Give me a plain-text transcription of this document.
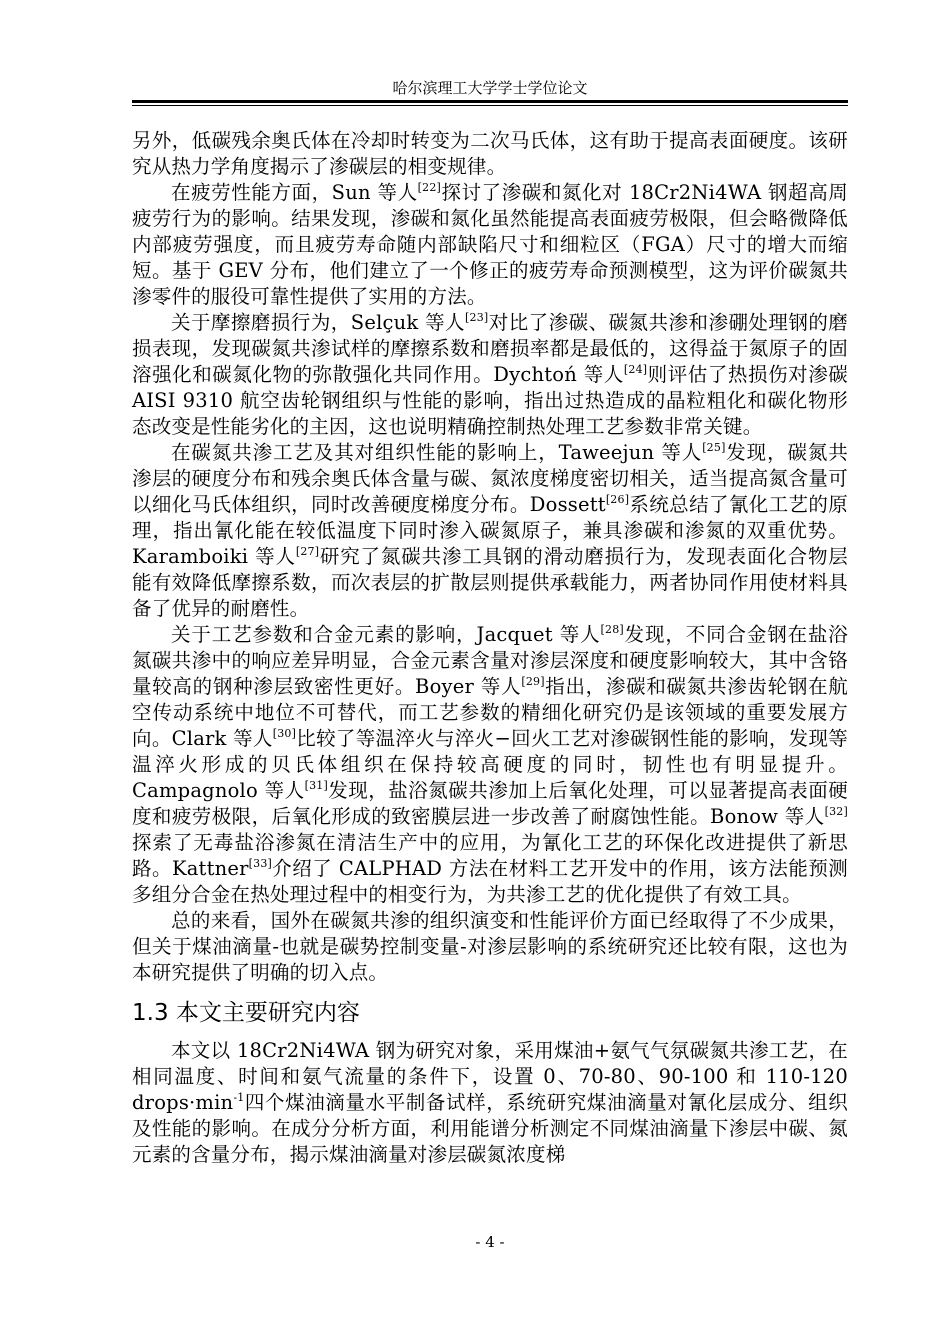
哈尔滨理工大学学士学位论文

另外，低碳残余奥氏体在冷却时转变为二次马氏体，这有助于提高表面硬度。该研究从热力学角度揭示了渗碳层的相变规律。

在疲劳性能方面，Sun 等人[22]探讨了渗碳和氮化对 18Cr2Ni4WA 钢超高周疲劳行为的影响。结果发现，渗碳和氮化虽然能提高表面疲劳极限，但会略微降低内部疲劳强度，而且疲劳寿命随内部缺陷尺寸和细粒区（FGA）尺寸的增大而缩短。基于 GEV 分布，他们建立了一个修正的疲劳寿命预测模型，这为评价碳氮共渗零件的服役可靠性提供了实用的方法。

关于摩擦磨损行为，Selçuk 等人[23]对比了渗碳、碳氮共渗和渗硼处理钢的磨损表现，发现碳氮共渗试样的摩擦系数和磨损率都是最低的，这得益于氮原子的固溶强化和碳氮化物的弥散强化共同作用。Dychtoń 等人[24]则评估了热损伤对渗碳 AISI 9310 航空齿轮钢组织与性能的影响，指出过热造成的晶粒粗化和碳化物形态改变是性能劣化的主因，这也说明精确控制热处理工艺参数非常关键。

在碳氮共渗工艺及其对组织性能的影响上，Taweejun 等人[25]发现，碳氮共渗层的硬度分布和残余奥氏体含量与碳、氮浓度梯度密切相关，适当提高氮含量可以细化马氏体组织，同时改善硬度梯度分布。Dossett[26]系统总结了氰化工艺的原理，指出氰化能在较低温度下同时渗入碳氮原子，兼具渗碳和渗氮的双重优势。Karamboiki 等人[27]研究了氮碳共渗工具钢的滑动磨损行为，发现表面化合物层能有效降低摩擦系数，而次表层的扩散层则提供承载能力，两者协同作用使材料具备了优异的耐磨性。

关于工艺参数和合金元素的影响，Jacquet 等人[28]发现，不同合金钢在盐浴氮碳共渗中的响应差异明显，合金元素含量对渗层深度和硬度影响较大，其中含铬量较高的钢种渗层致密性更好。Boyer 等人[29]指出，渗碳和碳氮共渗齿轮钢在航空传动系统中地位不可替代，而工艺参数的精细化研究仍是该领域的重要发展方向。Clark 等人[30]比较了等温淬火与淬火−回火工艺对渗碳钢性能的影响，发现等温淬火形成的贝氏体组织在保持较高硬度的同时，韧性也有明显提升。Campagnolo 等人[31]发现，盐浴氮碳共渗加上后氧化处理，可以显著提高表面硬度和疲劳极限，后氧化形成的致密膜层进一步改善了耐腐蚀性能。Bonow 等人[32]探索了无毒盐浴渗氮在清洁生产中的应用，为氰化工艺的环保化改进提供了新思路。Kattner[33]介绍了 CALPHAD 方法在材料工艺开发中的作用，该方法能预测多组分合金在热处理过程中的相变行为，为共渗工艺的优化提供了有效工具。

总的来看，国外在碳氮共渗的组织演变和性能评价方面已经取得了不少成果，但关于煤油滴量-也就是碳势控制变量-对渗层影响的系统研究还比较有限，这也为本研究提供了明确的切入点。

1.3 本文主要研究内容

本文以 18Cr2Ni4WA 钢为研究对象，采用煤油+氨气气氛碳氮共渗工艺，在相同温度、时间和氨气流量的条件下，设置 0、70-80、90-100 和 110-120 $drops\cdot\min^{-1}$四个煤油滴量水平制备试样，系统研究煤油滴量对氰化层成分、组织及性能的影响。在成分分析方面，利用能谱分析测定不同煤油滴量下渗层中碳、氮元素的含量分布，揭示煤油滴量对渗层碳氮浓度梯

- 4 -
